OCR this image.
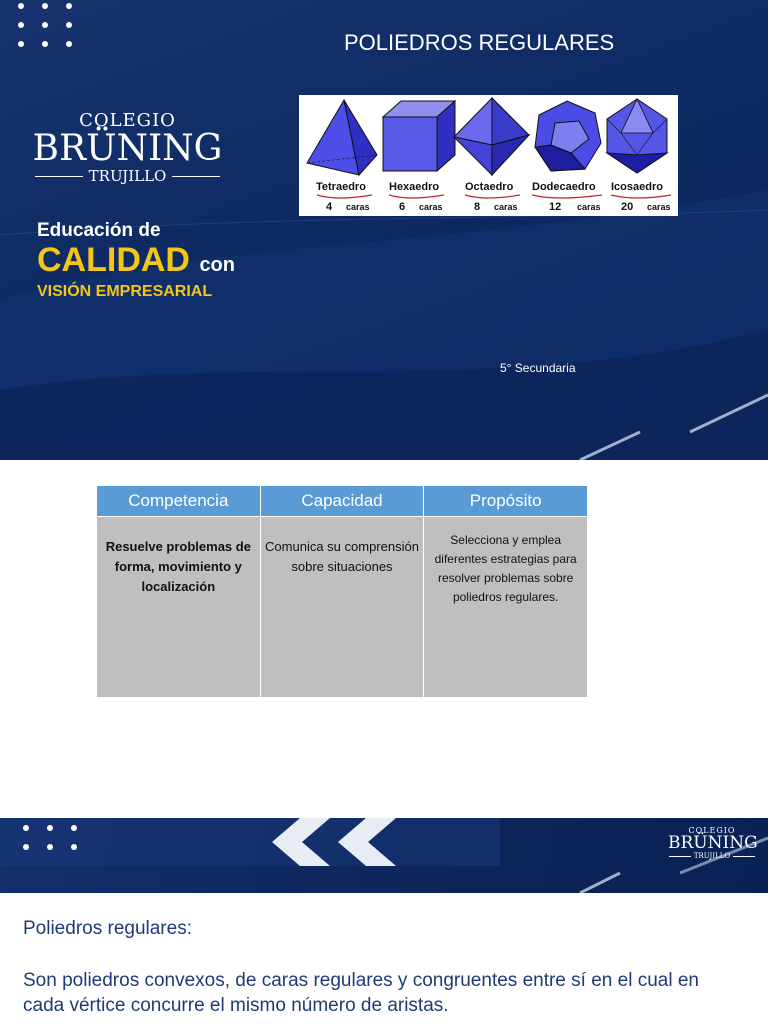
COLEGIO
BRÜNING
TRUJILLO
Educación de
CALIDAD con
VISIÓN EMPRESARIAL
POLIEDROS REGULARES
Tetraedro Hexaedro Octaedro Dodecaedro Icosaedro
4	6	8	12	20
caras	caras	caras	caras	caras
5° Secundaria
Competencia	Capacidad	Propósito
Resuelve problemas de forma, movimiento y localización	Comunica su comprensión sobre situaciones	Selecciona y emplea diferentes estrategias para resolver problemas sobre poliedros regulares.
COLEGIO
BRÜNING
TRUJILLO
Poliedros regulares:
Son poliedros convexos, de caras regulares y congruentes entre sí en el cual en cada vértice concurre el mismo número de aristas.
